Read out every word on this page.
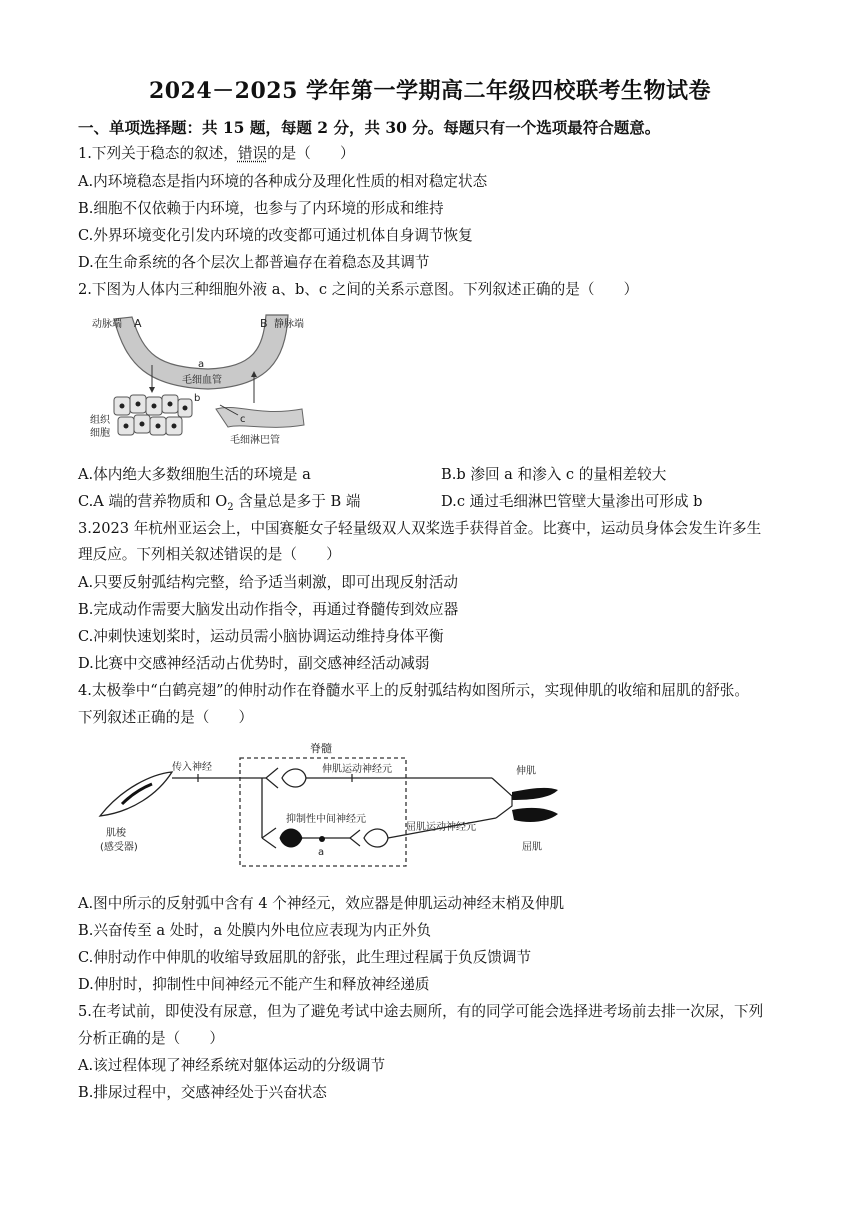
2024－2025 学年第一学期高二年级四校联考生物试卷
一、单项选择题：共 15 题，每题 2 分，共 30 分。每题只有一个选项最符合题意。
1.下列关于稳态的叙述，错误的是（　　）
A.内环境稳态是指内环境的各种成分及理化性质的相对稳定状态
B.细胞不仅依赖于内环境，也参与了内环境的形成和维持
C.外界环境变化引发内环境的改变都可通过机体自身调节恢复
D.在生命系统的各个层次上都普遍存在着稳态及其调节
2.下图为人体内三种细胞外液 a、b、c 之间的关系示意图。下列叙述正确的是（　　）
动脉端 A	B 静脉端
a
毛细血管
b
组织
细胞
c
毛细淋巴管
A.体内绝大多数细胞生活的环境是 a	B.b 渗回 a 和渗入 c 的量相差较大
C.A 端的营养物质和 $O_2$ 含量总是多于 B 端	D.c 通过毛细淋巴管壁大量渗出可形成 b
3.2023 年杭州亚运会上，中国赛艇女子轻量级双人双桨选手获得首金。比赛中，运动员身体会发生许多生
理反应。下列相关叙述错误的是（　　）
A.只要反射弧结构完整，给予适当刺激，即可出现反射活动
B.完成动作需要大脑发出动作指令，再通过脊髓传到效应器
C.冲刺快速划桨时，运动员需小脑协调运动维持身体平衡
D.比赛中交感神经活动占优势时，副交感神经活动减弱
4.太极拳中“白鹤亮翅”的伸肘动作在脊髓水平上的反射弧结构如图所示，实现伸肌的收缩和屈肌的舒张。
下列叙述正确的是（　　）
脊髓
肌梭
(感受器)
传入神经	伸肌运动神经元
a
抑制性中间神经元
屈肌运动神经元
伸肌
屈肌
A.图中所示的反射弧中含有 4 个神经元，效应器是伸肌运动神经末梢及伸肌
B.兴奋传至 a 处时，a 处膜内外电位应表现为内正外负
C.伸肘动作中伸肌的收缩导致屈肌的舒张，此生理过程属于负反馈调节
D.伸肘时，抑制性中间神经元不能产生和释放神经递质
5.在考试前，即使没有尿意，但为了避免考试中途去厕所，有的同学可能会选择进考场前去排一次尿，下列
分析正确的是（　　）
A.该过程体现了神经系统对躯体运动的分级调节
B.排尿过程中，交感神经处于兴奋状态
